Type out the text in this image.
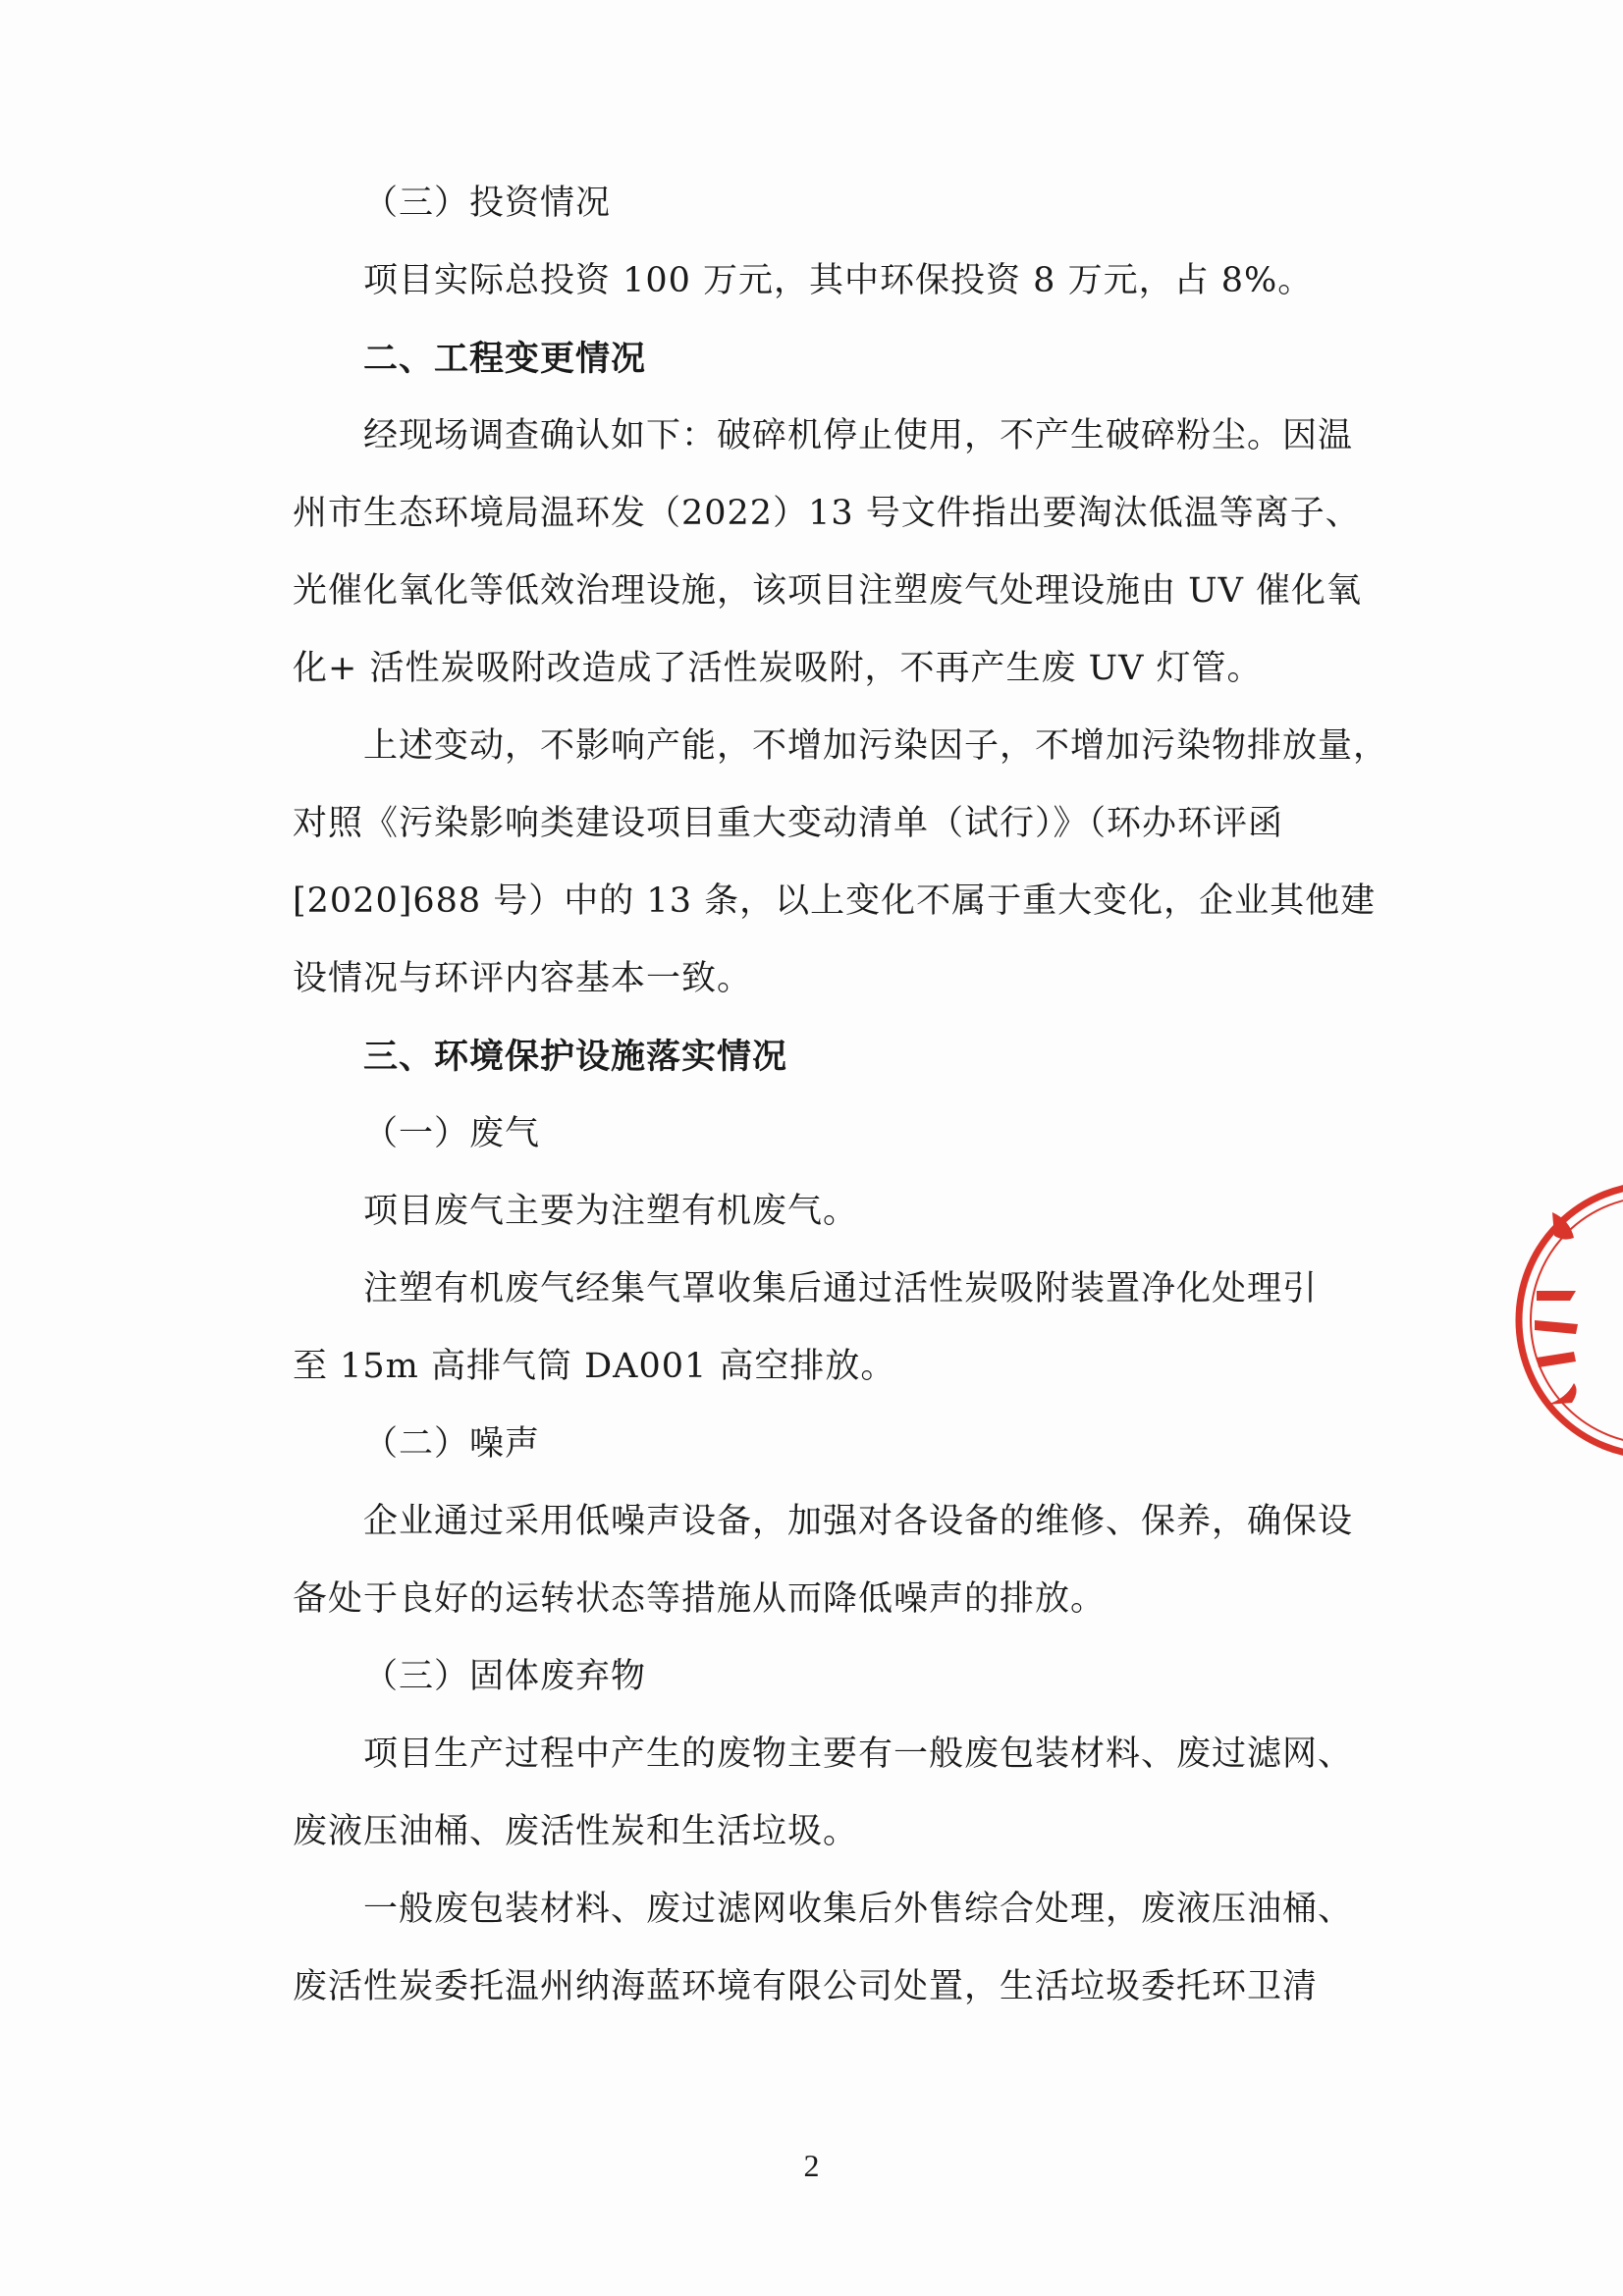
（三）投资情况
项目实际总投资 100 万元，其中环保投资 8 万元，占 8%。
二、工程变更情况
经现场调查确认如下：破碎机停止使用，不产生破碎粉尘。因温
州市生态环境局温环发（2022）13 号文件指出要淘汰低温等离子、
光催化氧化等低效治理设施，该项目注塑废气处理设施由 UV 催化氧
化+ 活性炭吸附改造成了活性炭吸附，不再产生废 UV 灯管。
上述变动，不影响产能，不增加污染因子，不增加污染物排放量，
对照《污染影响类建设项目重大变动清单（试行）》（环办环评函
[2020]688 号）中的 13 条，以上变化不属于重大变化，企业其他建
设情况与环评内容基本一致。
三、环境保护设施落实情况
（一）废气
项目废气主要为注塑有机废气。
注塑有机废气经集气罩收集后通过活性炭吸附装置净化处理引
至 15m 高排气筒 DA001 高空排放。
（二）噪声
企业通过采用低噪声设备，加强对各设备的维修、保养，确保设
备处于良好的运转状态等措施从而降低噪声的排放。
（三）固体废弃物
项目生产过程中产生的废物主要有一般废包装材料、废过滤网、
废液压油桶、废活性炭和生活垃圾。
一般废包装材料、废过滤网收集后外售综合处理，废液压油桶、
废活性炭委托温州纳海蓝环境有限公司处置，生活垃圾委托环卫清
2
